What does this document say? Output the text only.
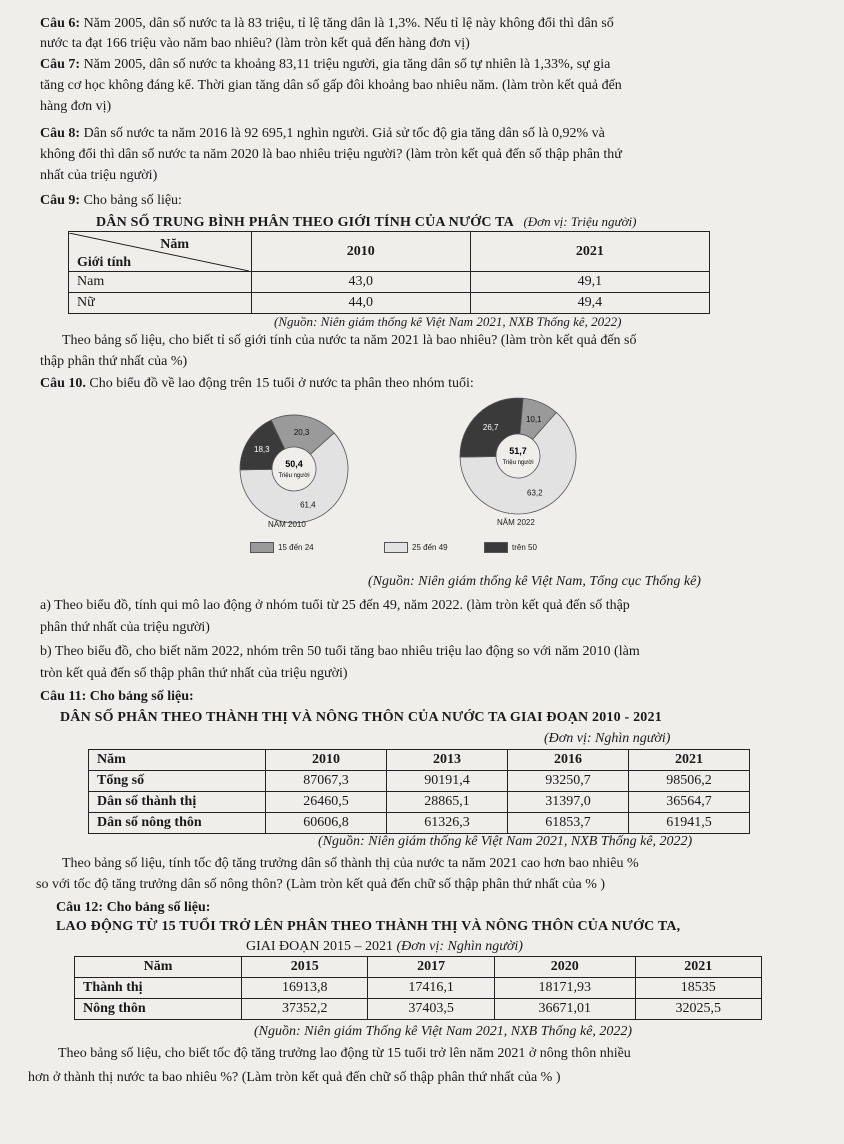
Câu 6: Năm 2005, dân số nước ta là 83 triệu, tỉ lệ tăng dân là 1,3%. Nếu tỉ lệ này không đổi thì dân số
nước ta đạt 166 triệu vào năm bao nhiêu? (làm tròn kết quả đến hàng đơn vị)
Câu 7: Năm 2005, dân số nước ta khoảng 83,11 triệu người, gia tăng dân số tự nhiên là 1,33%, sự gia
tăng cơ học không đáng kể. Thời gian tăng dân số gấp đôi khoảng bao nhiêu năm. (làm tròn kết quả đến
hàng đơn vị)
Câu 8: Dân số nước ta năm 2016 là 92 695,1 nghìn người. Giả sử tốc độ gia tăng dân số là 0,92% và
không đổi thì dân số nước ta năm 2020 là bao nhiêu triệu người? (làm tròn kết quả đến số thập phân thứ
nhất của triệu người)
Câu 9: Cho bảng số liệu:
DÂN SỐ TRUNG BÌNH PHÂN THEO GIỚI TÍNH CỦA NƯỚC TA (Đơn vị: Triệu người)
Năm
Giới tính	2010	2021
Nam	43,0	49,1
Nữ	44,0	49,4
(Nguồn: Niên giám thống kê Việt Nam 2021, NXB Thống kê, 2022)
Theo bảng số liệu, cho biết tỉ số giới tính của nước ta năm 2021 là bao nhiêu? (làm tròn kết quả đến số
thập phân thứ nhất của %)
Câu 10. Cho biểu đồ về lao động trên 15 tuổi ở nước ta phân theo nhóm tuổi:
20,3
61,4
18,3
50,4
Triệu người
NĂM 2010
10,1
63,2
26,7
51,7
Triệu người
NĂM 2022
15 đến 24	25 đến 49	trên 50
(Nguồn: Niên giám thống kê Việt Nam, Tổng cục Thống kê)
a) Theo biểu đồ, tính qui mô lao động ở nhóm tuổi từ 25 đến 49, năm 2022. (làm tròn kết quả đến số thập
phân thứ nhất của triệu người)
b) Theo biểu đồ, cho biết năm 2022, nhóm trên 50 tuổi tăng bao nhiêu triệu lao động so với năm 2010 (làm
tròn kết quả đến số thập phân thứ nhất của triệu người)
Câu 11: Cho bảng số liệu:
DÂN SỐ PHÂN THEO THÀNH THỊ VÀ NÔNG THÔN CỦA NƯỚC TA GIAI ĐOẠN 2010 - 2021
(Đơn vị: Nghìn người)
Năm	2010	2013	2016	2021
Tổng số	87067,3	90191,4	93250,7	98506,2
Dân số thành thị	26460,5	28865,1	31397,0	36564,7
Dân số nông thôn	60606,8	61326,3	61853,7	61941,5
(Nguồn: Niên giám thống kê Việt Nam 2021, NXB Thống kê, 2022)
Theo bảng số liệu, tính tốc độ tăng trưởng dân số thành thị của nước ta năm 2021 cao hơn bao nhiêu %
so với tốc độ tăng trưởng dân số nông thôn? (Làm tròn kết quả đến chữ số thập phân thứ nhất của % )
Câu 12: Cho bảng số liệu:
LAO ĐỘNG TỪ 15 TUỔI TRỞ LÊN PHÂN THEO THÀNH THỊ VÀ NÔNG THÔN CỦA NƯỚC TA,
GIAI ĐOẠN 2015 – 2021 (Đơn vị: Nghìn người)
Năm	2015	2017	2020	2021
Thành thị	16913,8	17416,1	18171,93	18535
Nông thôn	37352,2	37403,5	36671,01	32025,5
(Nguồn: Niên giám Thống kê Việt Nam 2021, NXB Thống kê, 2022)
Theo bảng số liệu, cho biết tốc độ tăng trưởng lao động từ 15 tuổi trở lên năm 2021 ở nông thôn nhiều
hơn ở thành thị nước ta bao nhiêu %? (Làm tròn kết quả đến chữ số thập phân thứ nhất của % )
